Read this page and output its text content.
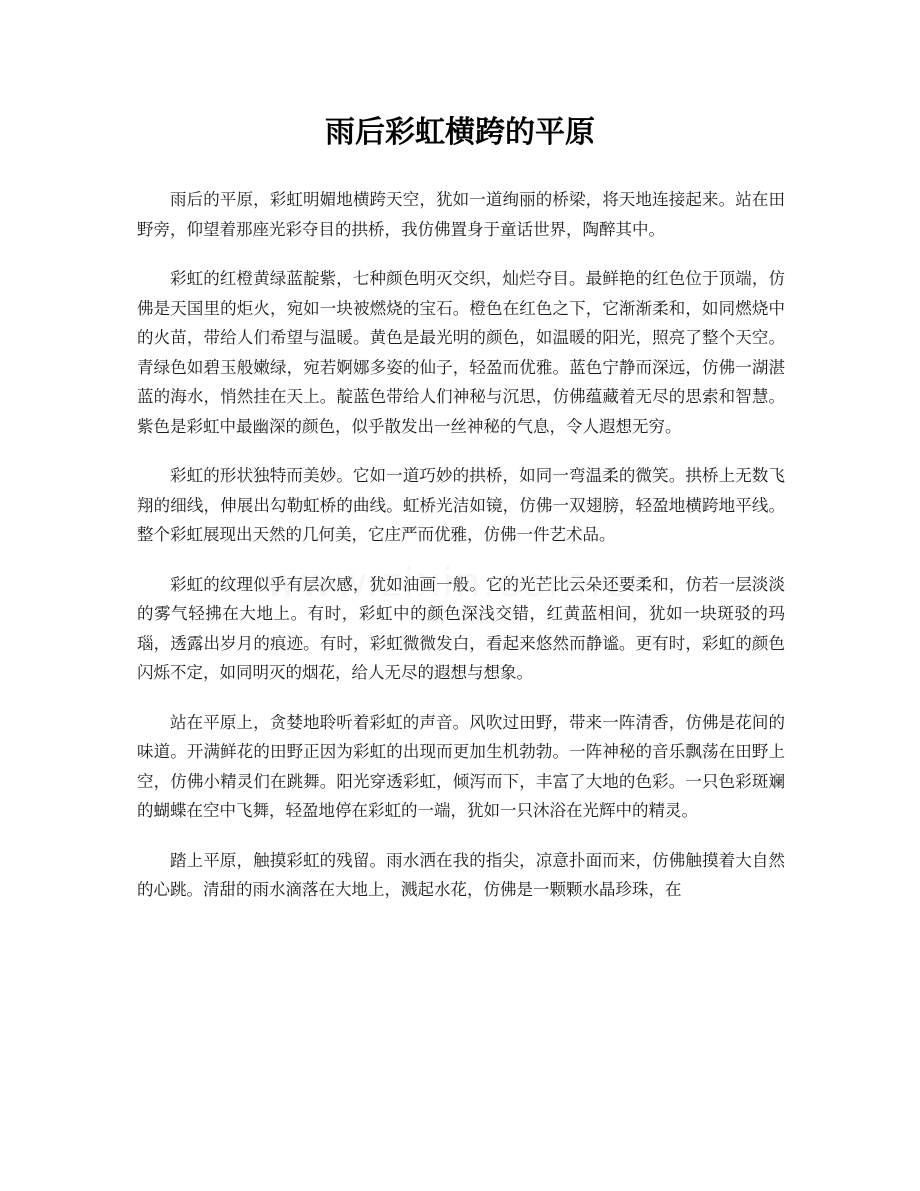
雨后彩虹横跨的平原

雨后的平原，彩虹明媚地横跨天空，犹如一道绚丽的桥梁，将天地连接起来。站在田野旁，仰望着那座光彩夺目的拱桥，我仿佛置身于童话世界，陶醉其中。

彩虹的红橙黄绿蓝靛紫，七种颜色明灭交织，灿烂夺目。最鲜艳的红色位于顶端，仿佛是天国里的炬火，宛如一块被燃烧的宝石。橙色在红色之下，它渐渐柔和，如同燃烧中的火苗，带给人们希望与温暖。黄色是最光明的颜色，如温暖的阳光，照亮了整个天空。青绿色如碧玉般嫩绿，宛若婀娜多姿的仙子，轻盈而优雅。蓝色宁静而深远，仿佛一湖湛蓝的海水，悄然挂在天上。靛蓝色带给人们神秘与沉思，仿佛蕴藏着无尽的思索和智慧。紫色是彩虹中最幽深的颜色，似乎散发出一丝神秘的气息，令人遐想无穷。

彩虹的形状独特而美妙。它如一道巧妙的拱桥，如同一弯温柔的微笑。拱桥上无数飞翔的细线，伸展出勾勒虹桥的曲线。虹桥光洁如镜，仿佛一双翅膀，轻盈地横跨地平线。整个彩虹展现出天然的几何美，它庄严而优雅，仿佛一件艺术品。

彩虹的纹理似乎有层次感，犹如油画一般。它的光芒比云朵还要柔和，仿若一层淡淡的雾气轻拂在大地上。有时，彩虹中的颜色深浅交错，红黄蓝相间，犹如一块斑驳的玛瑙，透露出岁月的痕迹。有时，彩虹微微发白，看起来悠然而静谧。更有时，彩虹的颜色闪烁不定，如同明灭的烟花，给人无尽的遐想与想象。

站在平原上，贪婪地聆听着彩虹的声音。风吹过田野，带来一阵清香，仿佛是花间的味道。开满鲜花的田野正因为彩虹的出现而更加生机勃勃。一阵神秘的音乐飘荡在田野上空，仿佛小精灵们在跳舞。阳光穿透彩虹，倾泻而下，丰富了大地的色彩。一只色彩斑斓的蝴蝶在空中飞舞，轻盈地停在彩虹的一端，犹如一只沐浴在光辉中的精灵。

踏上平原，触摸彩虹的残留。雨水洒在我的指尖，凉意扑面而来，仿佛触摸着大自然的心跳。清甜的雨水滴落在大地上，溅起水花，仿佛是一颗颗水晶珍珠，在
